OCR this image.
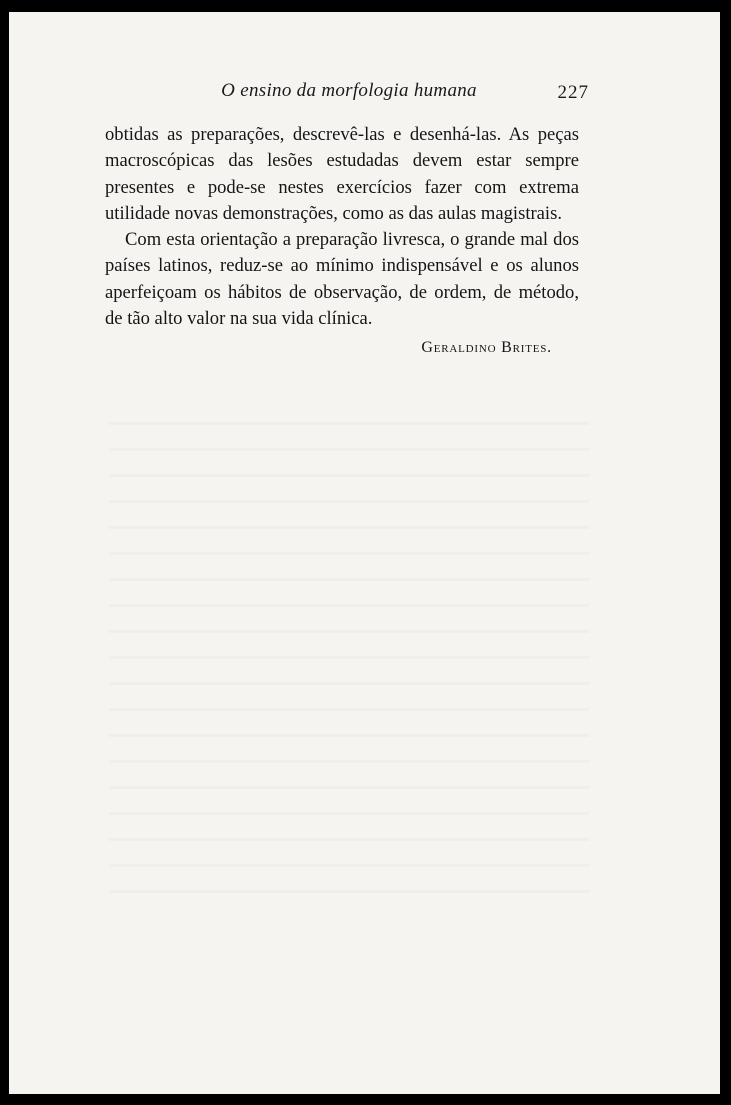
O ensino da morfologia humana	227

obtidas as preparações, descrevê-las e desenhá-las. As peças macroscópicas das lesões estudadas devem estar sempre presentes e pode-se nestes exercícios fazer com extrema utilidade novas demonstrações, como as das aulas magistrais.

Com esta orientação a preparação livresca, o grande mal dos países latinos, reduz-se ao mínimo indispensável e os alunos aperfeiçoam os hábitos de observação, de ordem, de método, de tão alto valor na sua vida clínica.

Geraldino Brites.
